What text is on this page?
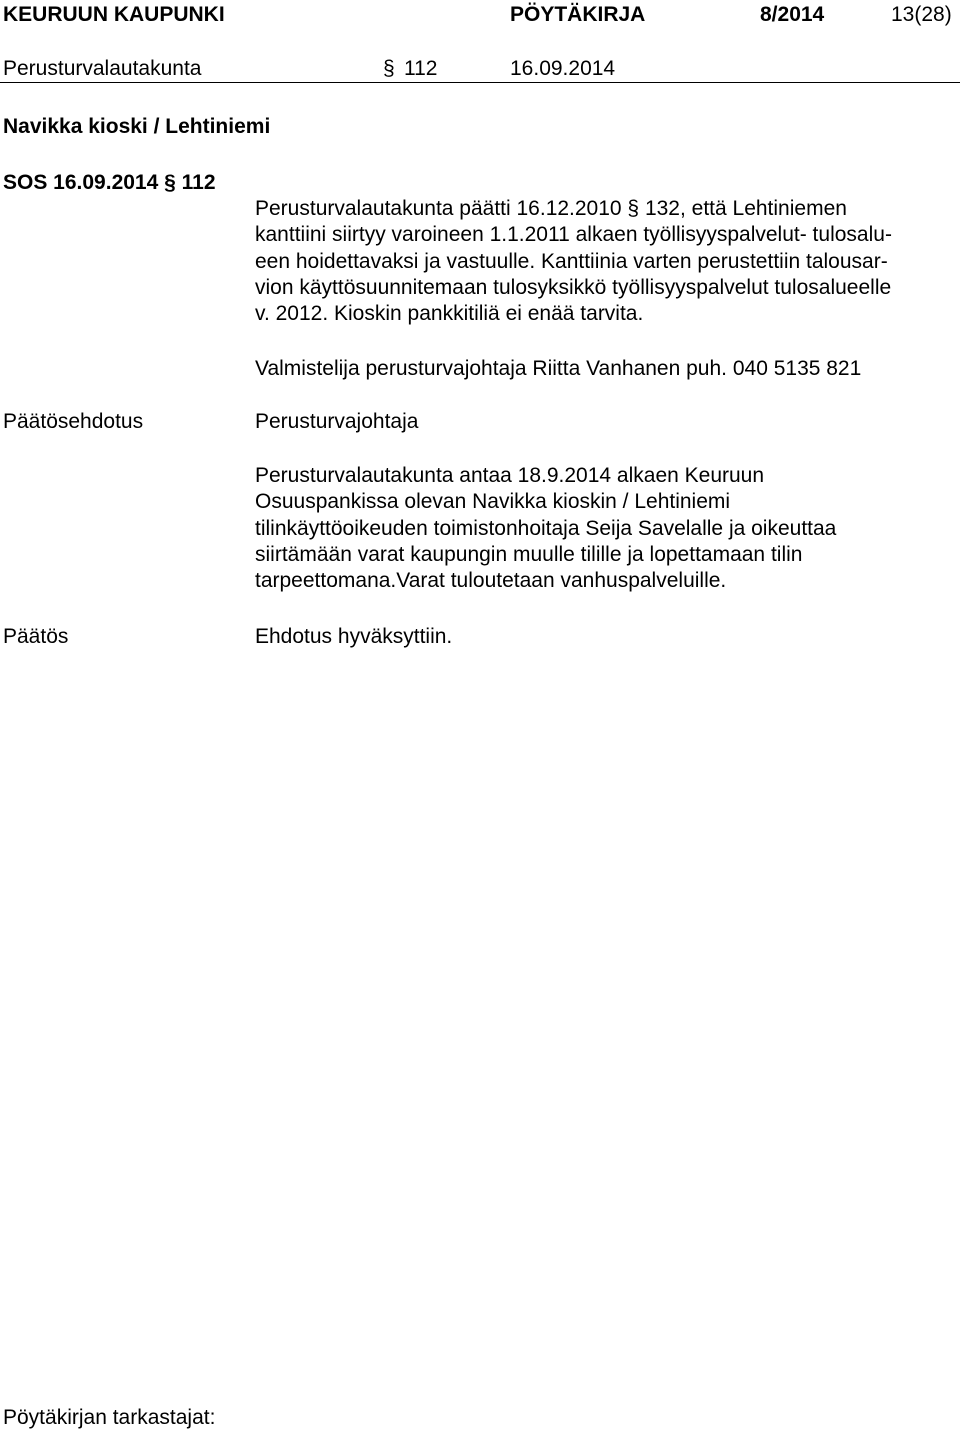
KEURUUN KAUPUNKI	PÖYTÄKIRJA	8/2014	13(28)
Perusturvalautakunta	§ 112	16.09.2014
Navikka kioski / Lehtiniemi
SOS 16.09.2014 § 112
Perusturvalautakunta päätti 16.12.2010 § 132, että Lehtiniemen
kanttiini siirtyy varoineen 1.1.2011 alkaen työllisyyspalvelut- tulosalu-
een hoidettavaksi ja vastuulle. Kanttiinia varten perustettiin talousar-
vion käyttösuunnitemaan tulosyksikkö työllisyyspalvelut tulosalueelle
v. 2012. Kioskin pankkitiliä ei enää tarvita.
Valmistelija perusturvajohtaja Riitta Vanhanen puh. 040 5135 821
Päätösehdotus	Perusturvajohtaja
Perusturvalautakunta antaa 18.9.2014 alkaen Keuruun
Osuuspankissa olevan Navikka kioskin / Lehtiniemi
tilinkäyttöoikeuden toimistonhoitaja Seija Savelalle ja oikeuttaa
siirtämään varat kaupungin muulle tilille ja lopettamaan tilin
tarpeettomana.Varat tuloutetaan vanhuspalveluille.
Päätös	Ehdotus hyväksyttiin.
Pöytäkirjan tarkastajat:
